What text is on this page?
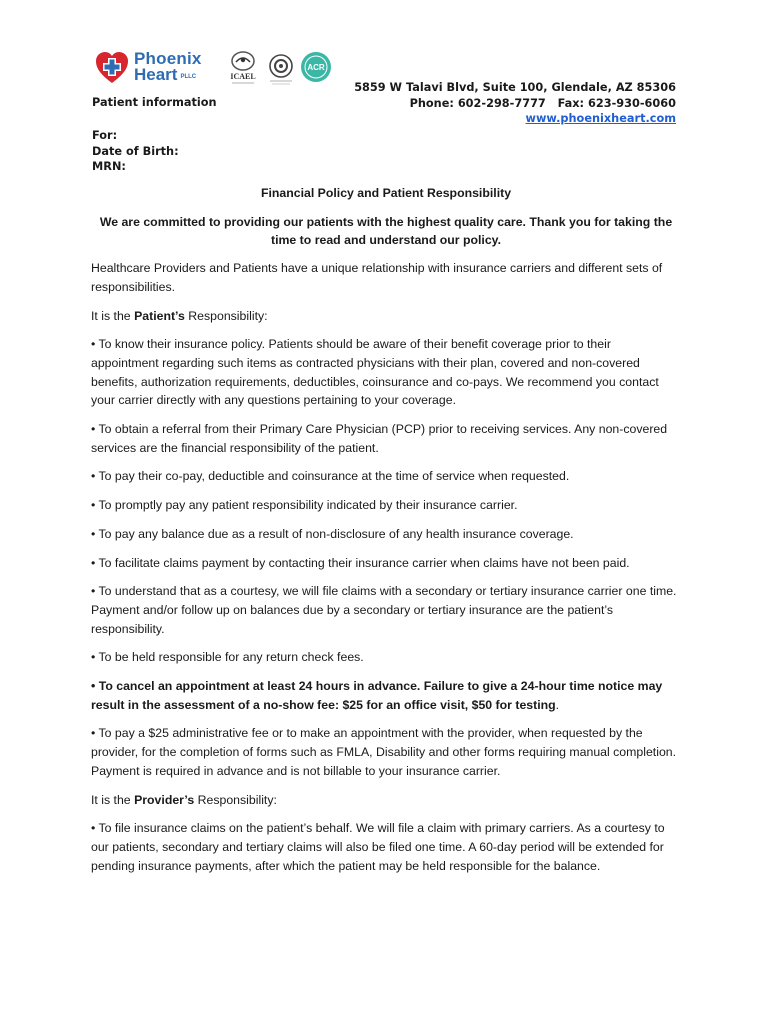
Phoenix
Heart PLLC	ICAEL
ACR
5859 W Talavi Blvd, Suite 100, Glendale, AZ 85306
Phone: 602-298-7777   Fax: 623-930-6060
www.phoenixheart.com
Patient information
For:
Date of Birth:
MRN:
Financial Policy and Patient Responsibility
We are committed to providing our patients with the highest quality care. Thank you for taking the time to read and understand our policy.

Healthcare Providers and Patients have a unique relationship with insurance carriers and different sets of responsibilities.

It is the Patient’s Responsibility:

• To know their insurance policy. Patients should be aware of their benefit coverage prior to their appointment regarding such items as contracted physicians with their plan, covered and non-covered benefits, authorization requirements, deductibles, coinsurance and co-pays. We recommend you contact your carrier directly with any questions pertaining to your coverage.

• To obtain a referral from their Primary Care Physician (PCP) prior to receiving services. Any non-covered services are the financial responsibility of the patient.

• To pay their co-pay, deductible and coinsurance at the time of service when requested.

• To promptly pay any patient responsibility indicated by their insurance carrier.

• To pay any balance due as a result of non-disclosure of any health insurance coverage.

• To facilitate claims payment by contacting their insurance carrier when claims have not been paid.

• To understand that as a courtesy, we will file claims with a secondary or tertiary insurance carrier one time. Payment and/or follow up on balances due by a secondary or tertiary insurance are the patient’s responsibility.

• To be held responsible for any return check fees.

• To cancel an appointment at least 24 hours in advance. Failure to give a 24-hour time notice may result in the assessment of a no-show fee: $25 for an office visit, $50 for testing.

• To pay a $25 administrative fee or to make an appointment with the provider, when requested by the provider, for the completion of forms such as FMLA, Disability and other forms requiring manual completion. Payment is required in advance and is not billable to your insurance carrier.

It is the Provider’s Responsibility:

• To file insurance claims on the patient’s behalf. We will file a claim with primary carriers. As a courtesy to our patients, secondary and tertiary claims will also be filed one time. A 60-day period will be extended for pending insurance payments, after which the patient may be held responsible for the balance.
